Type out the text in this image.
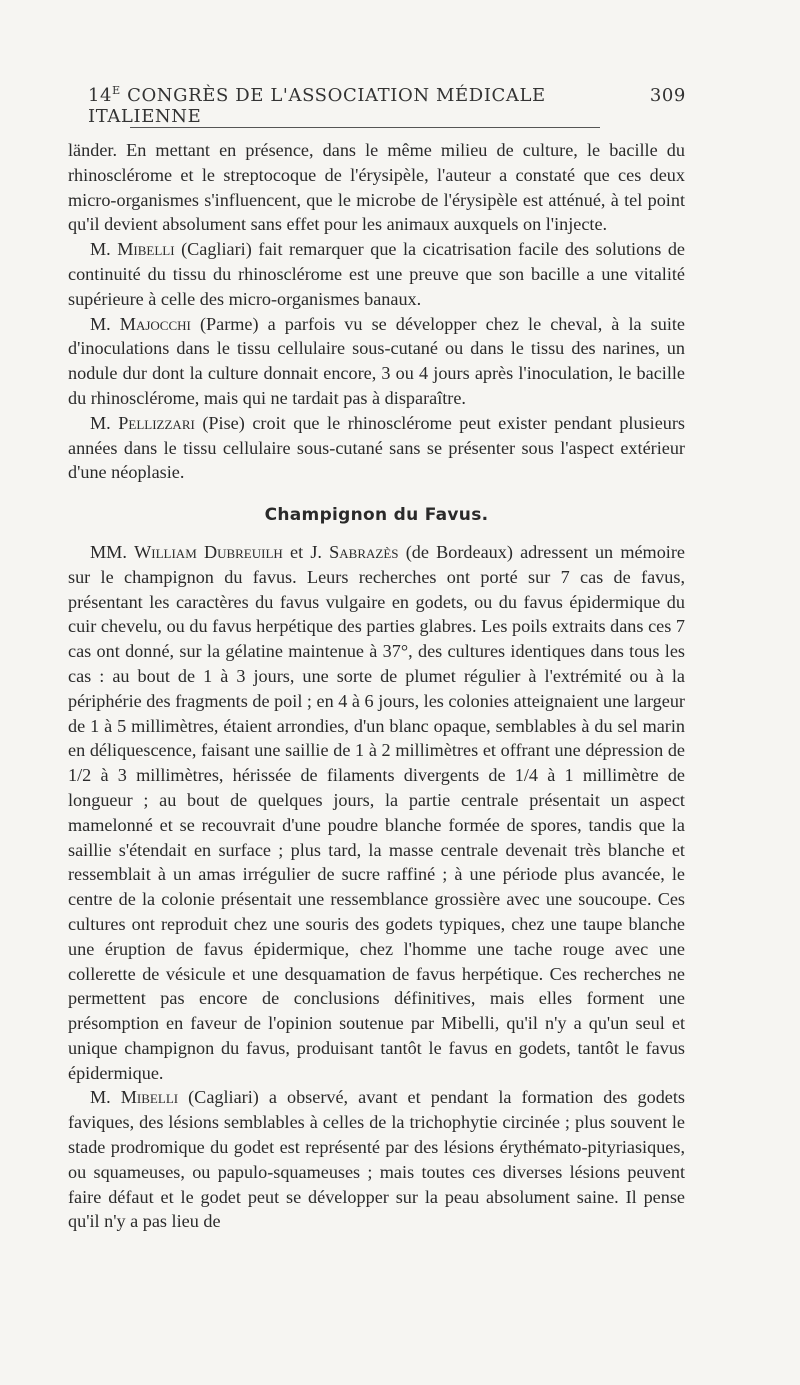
$14^E$ CONGRÈS DE L'ASSOCIATION MÉDICALE ITALIENNE
309

länder. En mettant en présence, dans le même milieu de culture, le bacille du rhinosclérome et le streptocoque de l'érysipèle, l'auteur a constaté que ces deux micro-organismes s'influencent, que le microbe de l'érysipèle est atténué, à tel point qu'il devient absolument sans effet pour les animaux auxquels on l'injecte.

M. Mibelli (Cagliari) fait remarquer que la cicatrisation facile des solutions de continuité du tissu du rhinosclérome est une preuve que son bacille a une vitalité supérieure à celle des micro-organismes banaux.

M. Majocchi (Parme) a parfois vu se développer chez le cheval, à la suite d'inoculations dans le tissu cellulaire sous-cutané ou dans le tissu des narines, un nodule dur dont la culture donnait encore, 3 ou 4 jours après l'inoculation, le bacille du rhinosclérome, mais qui ne tardait pas à disparaître.

M. Pellizzari (Pise) croit que le rhinosclérome peut exister pendant plusieurs années dans le tissu cellulaire sous-cutané sans se présenter sous l'aspect extérieur d'une néoplasie.

Champignon du Favus.

MM. William Dubreuilh et J. Sabrazès (de Bordeaux) adressent un mémoire sur le champignon du favus. Leurs recherches ont porté sur 7 cas de favus, présentant les caractères du favus vulgaire en godets, ou du favus épidermique du cuir chevelu, ou du favus herpétique des parties glabres. Les poils extraits dans ces 7 cas ont donné, sur la gélatine maintenue à 37°, des cultures identiques dans tous les cas : au bout de 1 à 3 jours, une sorte de plumet régulier à l'extrémité ou à la périphérie des fragments de poil ; en 4 à 6 jours, les colonies atteignaient une largeur de 1 à 5 millimètres, étaient arrondies, d'un blanc opaque, semblables à du sel marin en déliquescence, faisant une saillie de 1 à 2 millimètres et offrant une dépression de 1/2 à 3 millimètres, hérissée de filaments divergents de 1/4 à 1 millimètre de longueur ; au bout de quelques jours, la partie centrale présentait un aspect mamelonné et se recouvrait d'une poudre blanche formée de spores, tandis que la saillie s'étendait en surface ; plus tard, la masse centrale devenait très blanche et ressemblait à un amas irrégulier de sucre raffiné ; à une période plus avancée, le centre de la colonie présentait une ressemblance grossière avec une soucoupe. Ces cultures ont reproduit chez une souris des godets typiques, chez une taupe blanche une éruption de favus épidermique, chez l'homme une tache rouge avec une collerette de vésicule et une desquamation de favus herpétique. Ces recherches ne permettent pas encore de conclusions définitives, mais elles forment une présomption en faveur de l'opinion soutenue par Mibelli, qu'il n'y a qu'un seul et unique champignon du favus, produisant tantôt le favus en godets, tantôt le favus épidermique.

M. Mibelli (Cagliari) a observé, avant et pendant la formation des godets faviques, des lésions semblables à celles de la trichophytie circinée ; plus souvent le stade prodromique du godet est représenté par des lésions érythémato-pityriasiques, ou squameuses, ou papulo-squameuses ; mais toutes ces diverses lésions peuvent faire défaut et le godet peut se développer sur la peau absolument saine. Il pense qu'il n'y a pas lieu de
